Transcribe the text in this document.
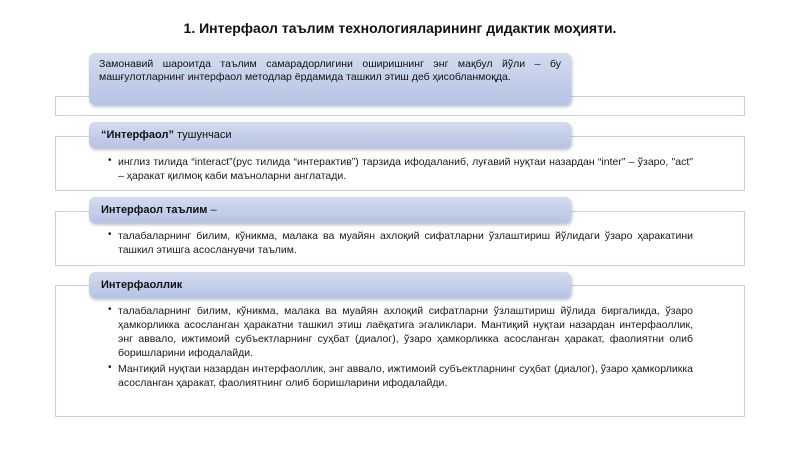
1. Интерфаол таълим технологияларининг дидактик моҳияти.
Замонавий шароитда таълим самарадорлигини оширишнинг энг мақбул йўли – бу машғулотларнинг интерфаол методлар ёрдамида ташкил этиш деб ҳисобланмоқда.
“Интерфаол” тушунчаси
• инглиз тилида “interact”(рус тилида “интерактив”) тарзида ифодаланиб, луғавий нуқтаи назардан “inter” – ўзаро, "act" – ҳаракат қилмоқ каби маъноларни англатади.
Интерфаол таълим –
• талабаларнинг билим, кўникма, малака ва муайян ахлоқий сифатларни ўзлаштириш йўлидаги ўзаро ҳаракатини ташкил этишга асосланувчи таълим.
Интерфаоллик
• талабаларнинг билим, кўникма, малака ва муайян ахлоқий сифатларни ўзлаштириш йўлида биргаликда, ўзаро ҳамкорликка асосланган ҳаракатни ташкил этиш лаёқатига эгаликлари. Мантиқий нуқтаи назардан интерфаоллик, энг аввало, ижтимоий субъектларнинг суҳбат (диалог), ўзаро ҳамкорликка асосланган ҳаракат, фаолиятни олиб боришларини ифодалайди.
• Мантиқий нуқтаи назардан интерфаоллик, энг аввало, ижтимоий субъектларнинг суҳбат (диалог), ўзаро ҳамкорликка асосланган ҳаракат, фаолиятнинг олиб боришларини ифодалайди.
